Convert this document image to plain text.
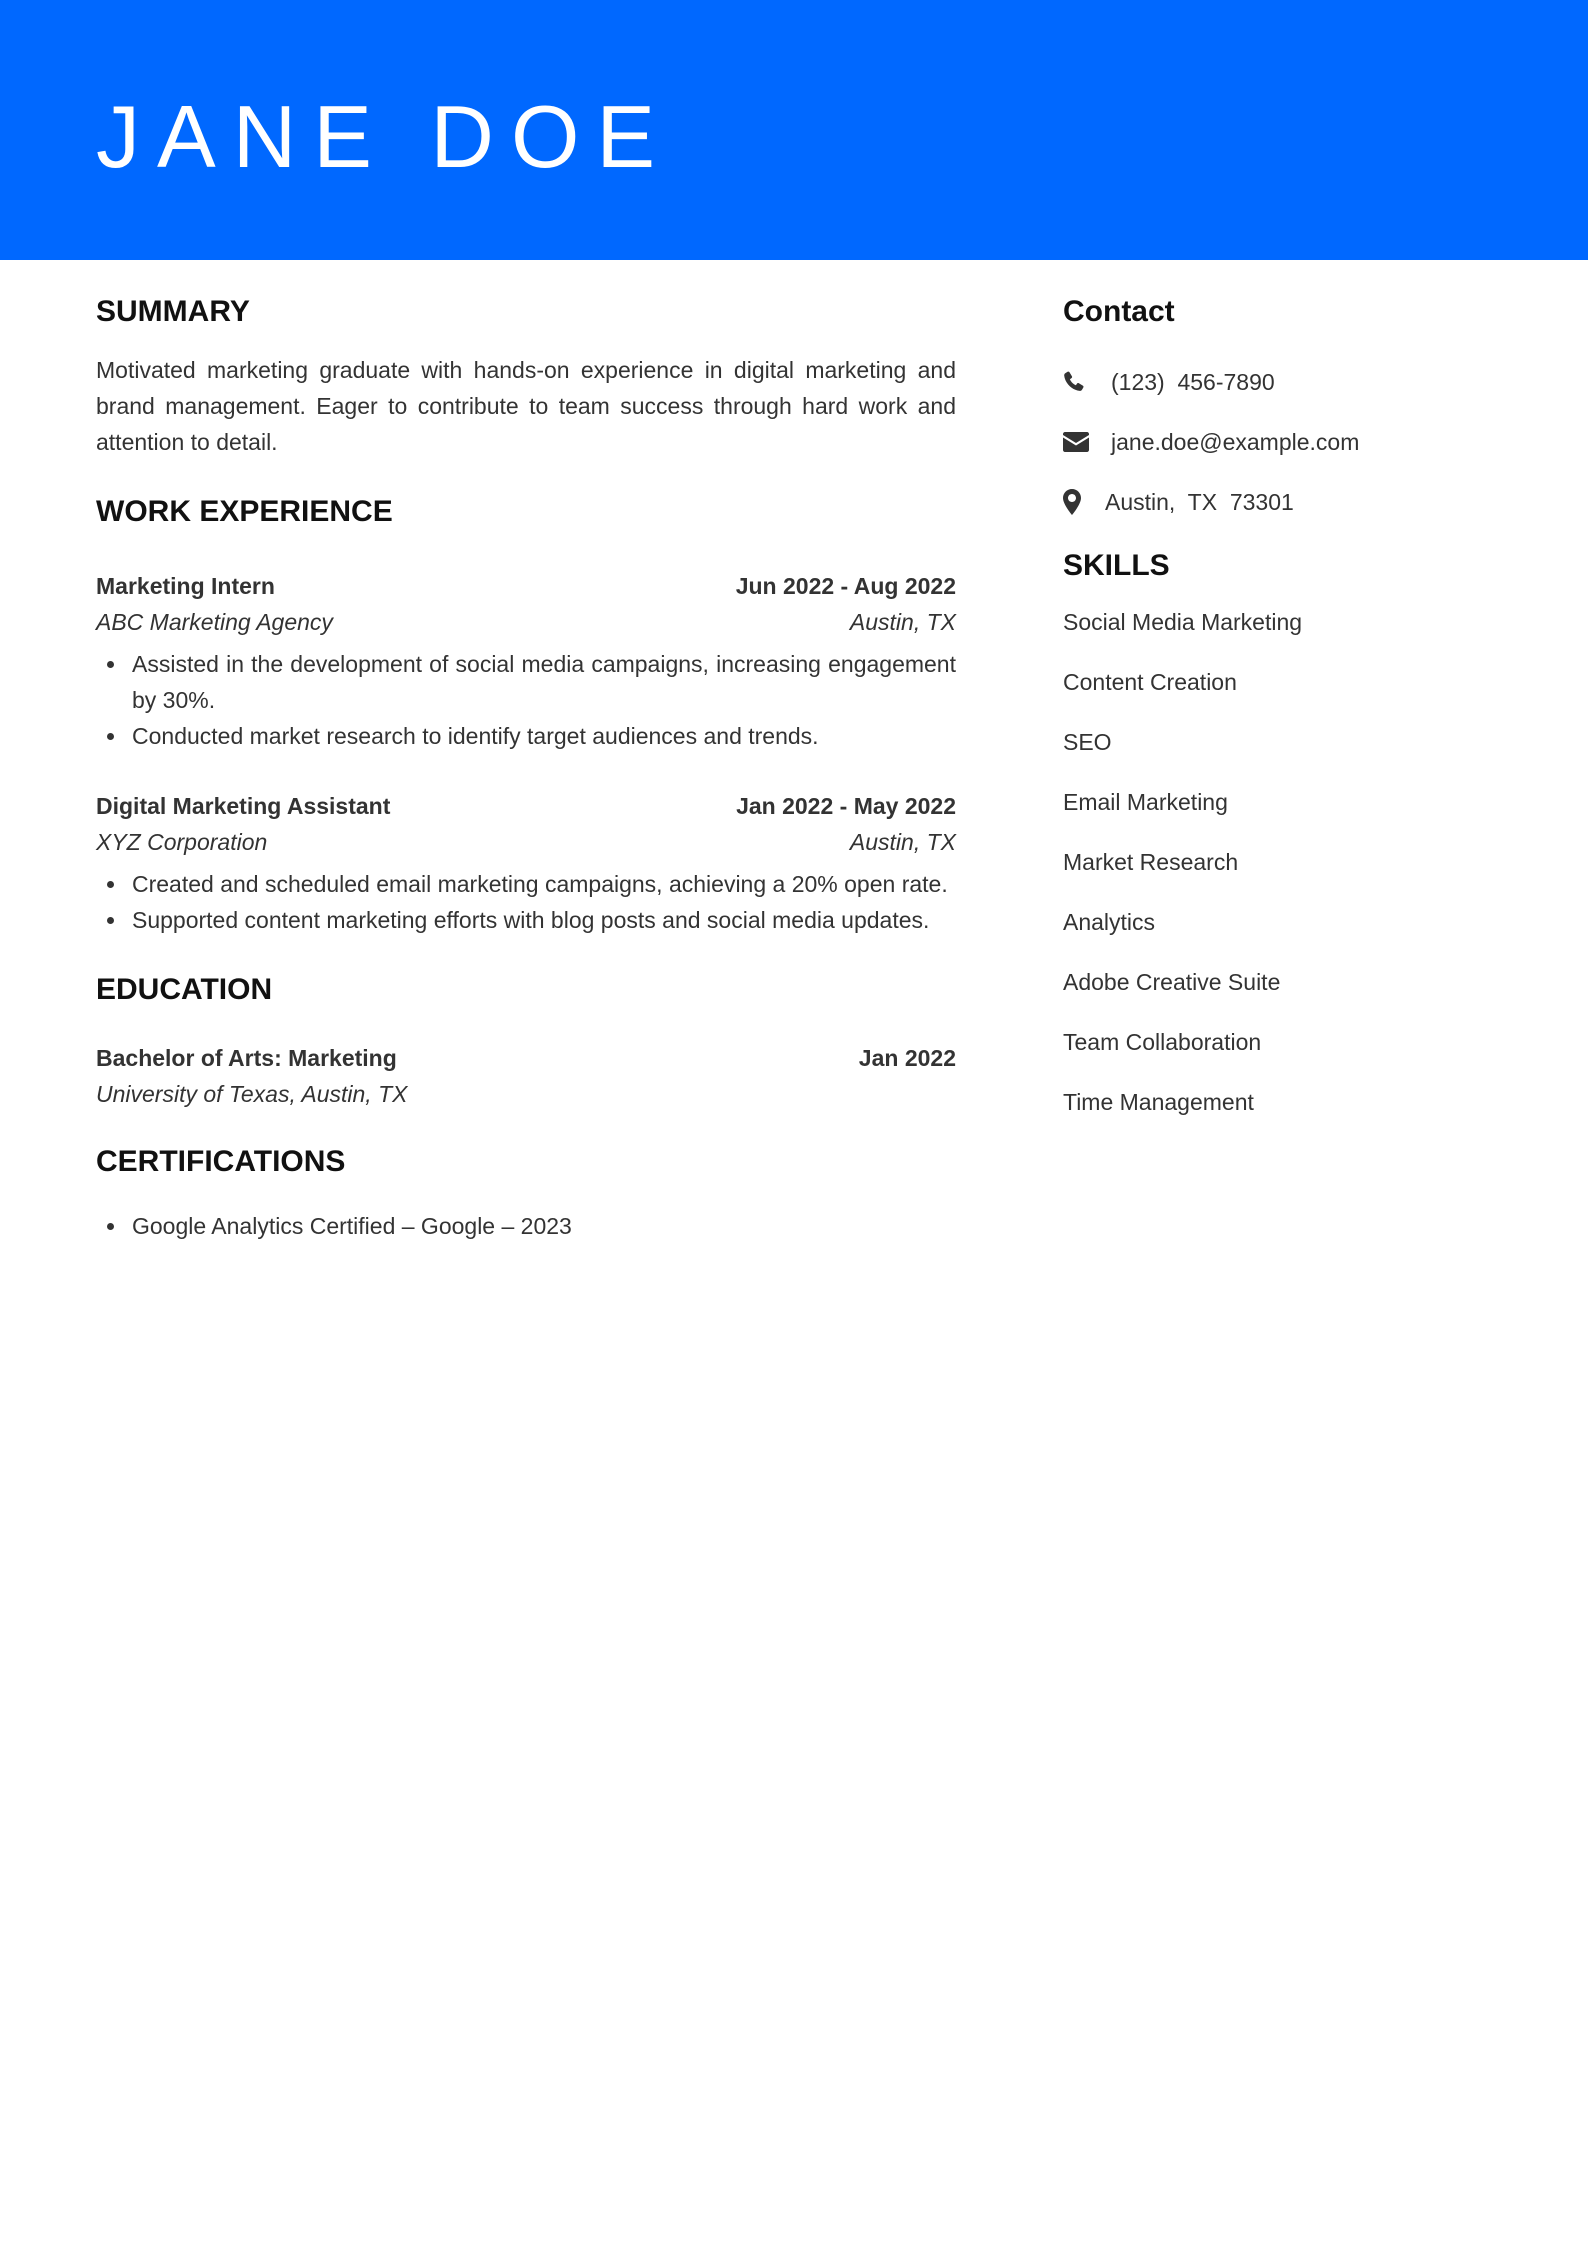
JANE DOE
SUMMARY

Motivated marketing graduate with hands-on experience in digital marketing and brand management. Eager to contribute to team success through hard work and attention to detail.

WORK EXPERIENCE
Marketing Intern	Jun 2022 - Aug 2022
ABC Marketing Agency	Austin, TX
Assisted in the development of social media campaigns, increasing engagement by 30%.
Conducted market research to identify target audiences and trends.
Digital Marketing Assistant	Jan 2022 - May 2022
XYZ Corporation	Austin, TX
Created and scheduled email marketing campaigns, achieving a 20% open rate.
Supported content marketing efforts with blog posts and social media updates.
EDUCATION
Bachelor of Arts: Marketing	Jan 2022
University of Texas, Austin, TX
CERTIFICATIONS
Google Analytics Certified – Google – 2023
Contact
(123)  456-7890
jane.doe@example.com
Austin,  TX  73301
SKILLS
Social Media Marketing
Content Creation
SEO
Email Marketing
Market Research
Analytics
Adobe Creative Suite
Team Collaboration
Time Management
